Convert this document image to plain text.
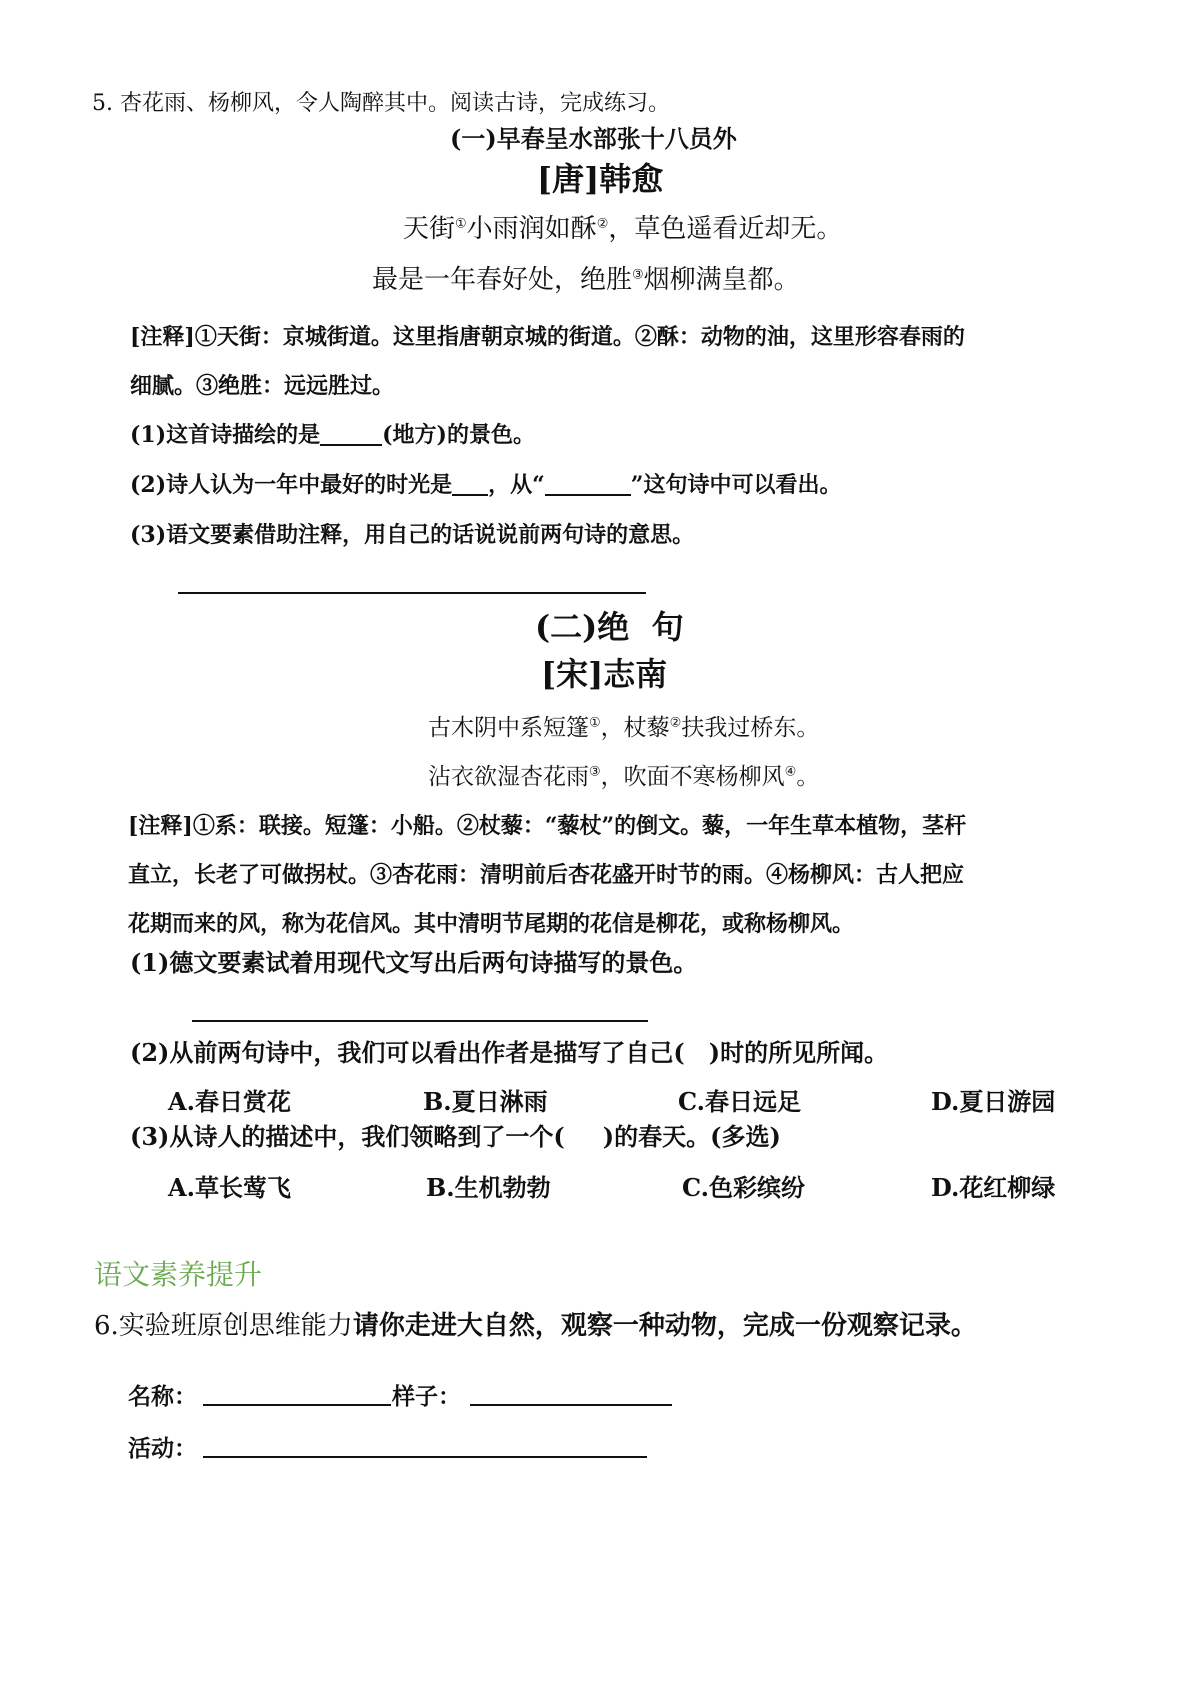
5. 杏花雨、杨柳风，令人陶醉其中。阅读古诗，完成练习。
(一)早春呈水部张十八员外
[唐]韩愈
天街①小雨润如酥②，草色遥看近却无。
最是一年春好处，绝胜③烟柳满皇都。
[注释]①天街：京城街道。这里指唐朝京城的街道。②酥：动物的油，这里形容春雨的
细腻。③绝胜：远远胜过。
(1)这首诗描绘的是	(地方)的景色。
(2)诗人认为一年中最好的时光是 ，从“	”这句诗中可以看出。
(3)语文要素借助注释，用自己的话说说前两句诗的意思。
(二)绝  句
[宋]志南
古木阴中系短篷①，杖藜②扶我过桥东。
沾衣欲湿杏花雨③，吹面不寒杨柳风④。
[注释]①系：联接。短篷：小船。②杖藜：“藜杖”的倒文。藜，一年生草本植物，茎杆
直立，长老了可做拐杖。③杏花雨：清明前后杏花盛开时节的雨。④杨柳风：古人把应
花期而来的风，称为花信风。其中清明节尾期的花信是柳花，或称杨柳风。
(1)德文要素试着用现代文写出后两句诗描写的景色。
(2)从前两句诗中，我们可以看出作者是描写了自己( )时的所见所闻。
A.春日赏花	B.夏日淋雨	C.春日远足	D.夏日游园
(3)从诗人的描述中，我们领略到了一个( )的春天。(多选)
A.草长莺飞	B.生机勃勃	C.色彩缤纷	D.花红柳绿
语文素养提升
6.实验班原创思维能力请你走进大自然，观察一种动物，完成一份观察记录。
名称：	样子：
活动：
